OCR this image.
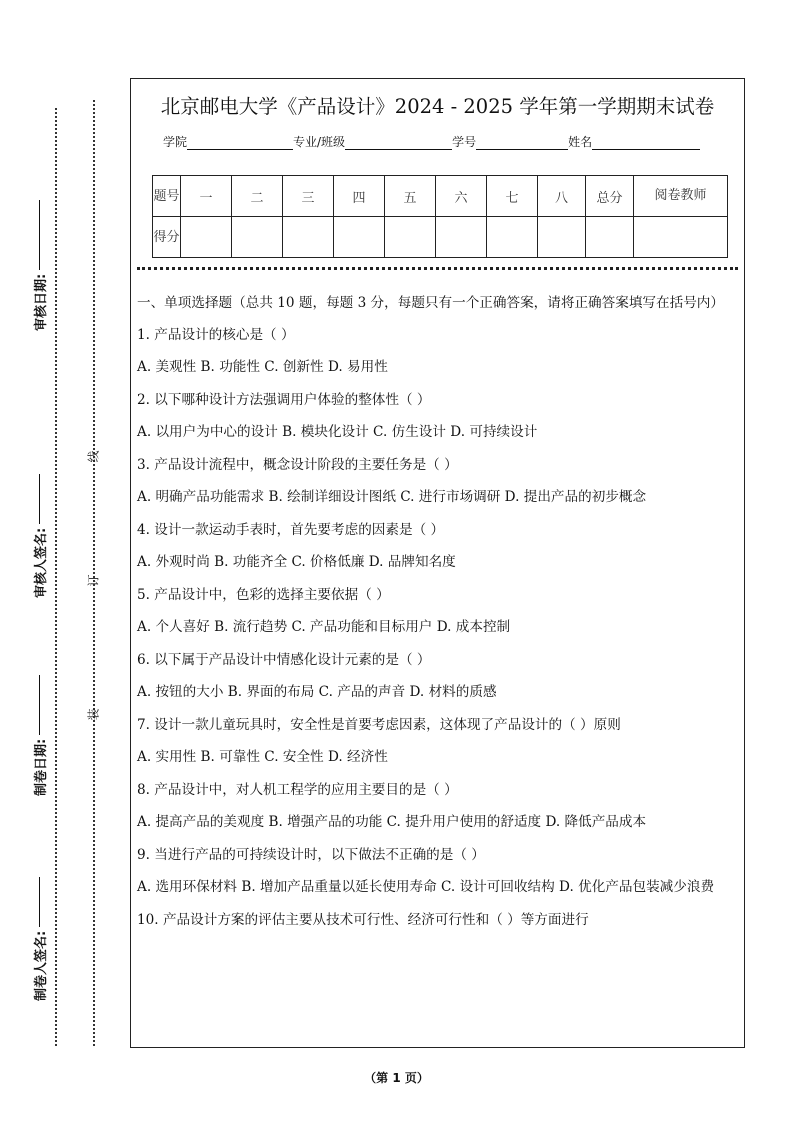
审核日期:
审核人签名:
制卷日期:
制卷人签名:
线
订
装
北京邮电大学《产品设计》2024 - 2025 学年第一学期期末试卷
学院	专业/班级	学号	姓名
题号	一	二	三	四	五	六	七	八	总分	阅卷教师
得分										

一、单项选择题（总共 10 题，每题 3 分，每题只有一个正确答案，请将正确答案填写在括号内）

1. 产品设计的核心是（ ）

A. 美观性 B. 功能性 C. 创新性 D. 易用性

2. 以下哪种设计方法强调用户体验的整体性（ ）

A. 以用户为中心的设计 B. 模块化设计 C. 仿生设计 D. 可持续设计

3. 产品设计流程中，概念设计阶段的主要任务是（ ）

A. 明确产品功能需求 B. 绘制详细设计图纸 C. 进行市场调研 D. 提出产品的初步概念

4. 设计一款运动手表时，首先要考虑的因素是（ ）

A. 外观时尚 B. 功能齐全 C. 价格低廉 D. 品牌知名度

5. 产品设计中，色彩的选择主要依据（ ）

A. 个人喜好 B. 流行趋势 C. 产品功能和目标用户 D. 成本控制

6. 以下属于产品设计中情感化设计元素的是（ ）

A. 按钮的大小 B. 界面的布局 C. 产品的声音 D. 材料的质感

7. 设计一款儿童玩具时，安全性是首要考虑因素，这体现了产品设计的（ ）原则

A. 实用性 B. 可靠性 C. 安全性 D. 经济性

8. 产品设计中，对人机工程学的应用主要目的是（ ）

A. 提高产品的美观度 B. 增强产品的功能 C. 提升用户使用的舒适度 D. 降低产品成本

9. 当进行产品的可持续设计时，以下做法不正确的是（ ）

A. 选用环保材料 B. 增加产品重量以延长使用寿命 C. 设计可回收结构 D. 优化产品包装减少浪费

10. 产品设计方案的评估主要从技术可行性、经济可行性和（ ）等方面进行

（第 1 页）
